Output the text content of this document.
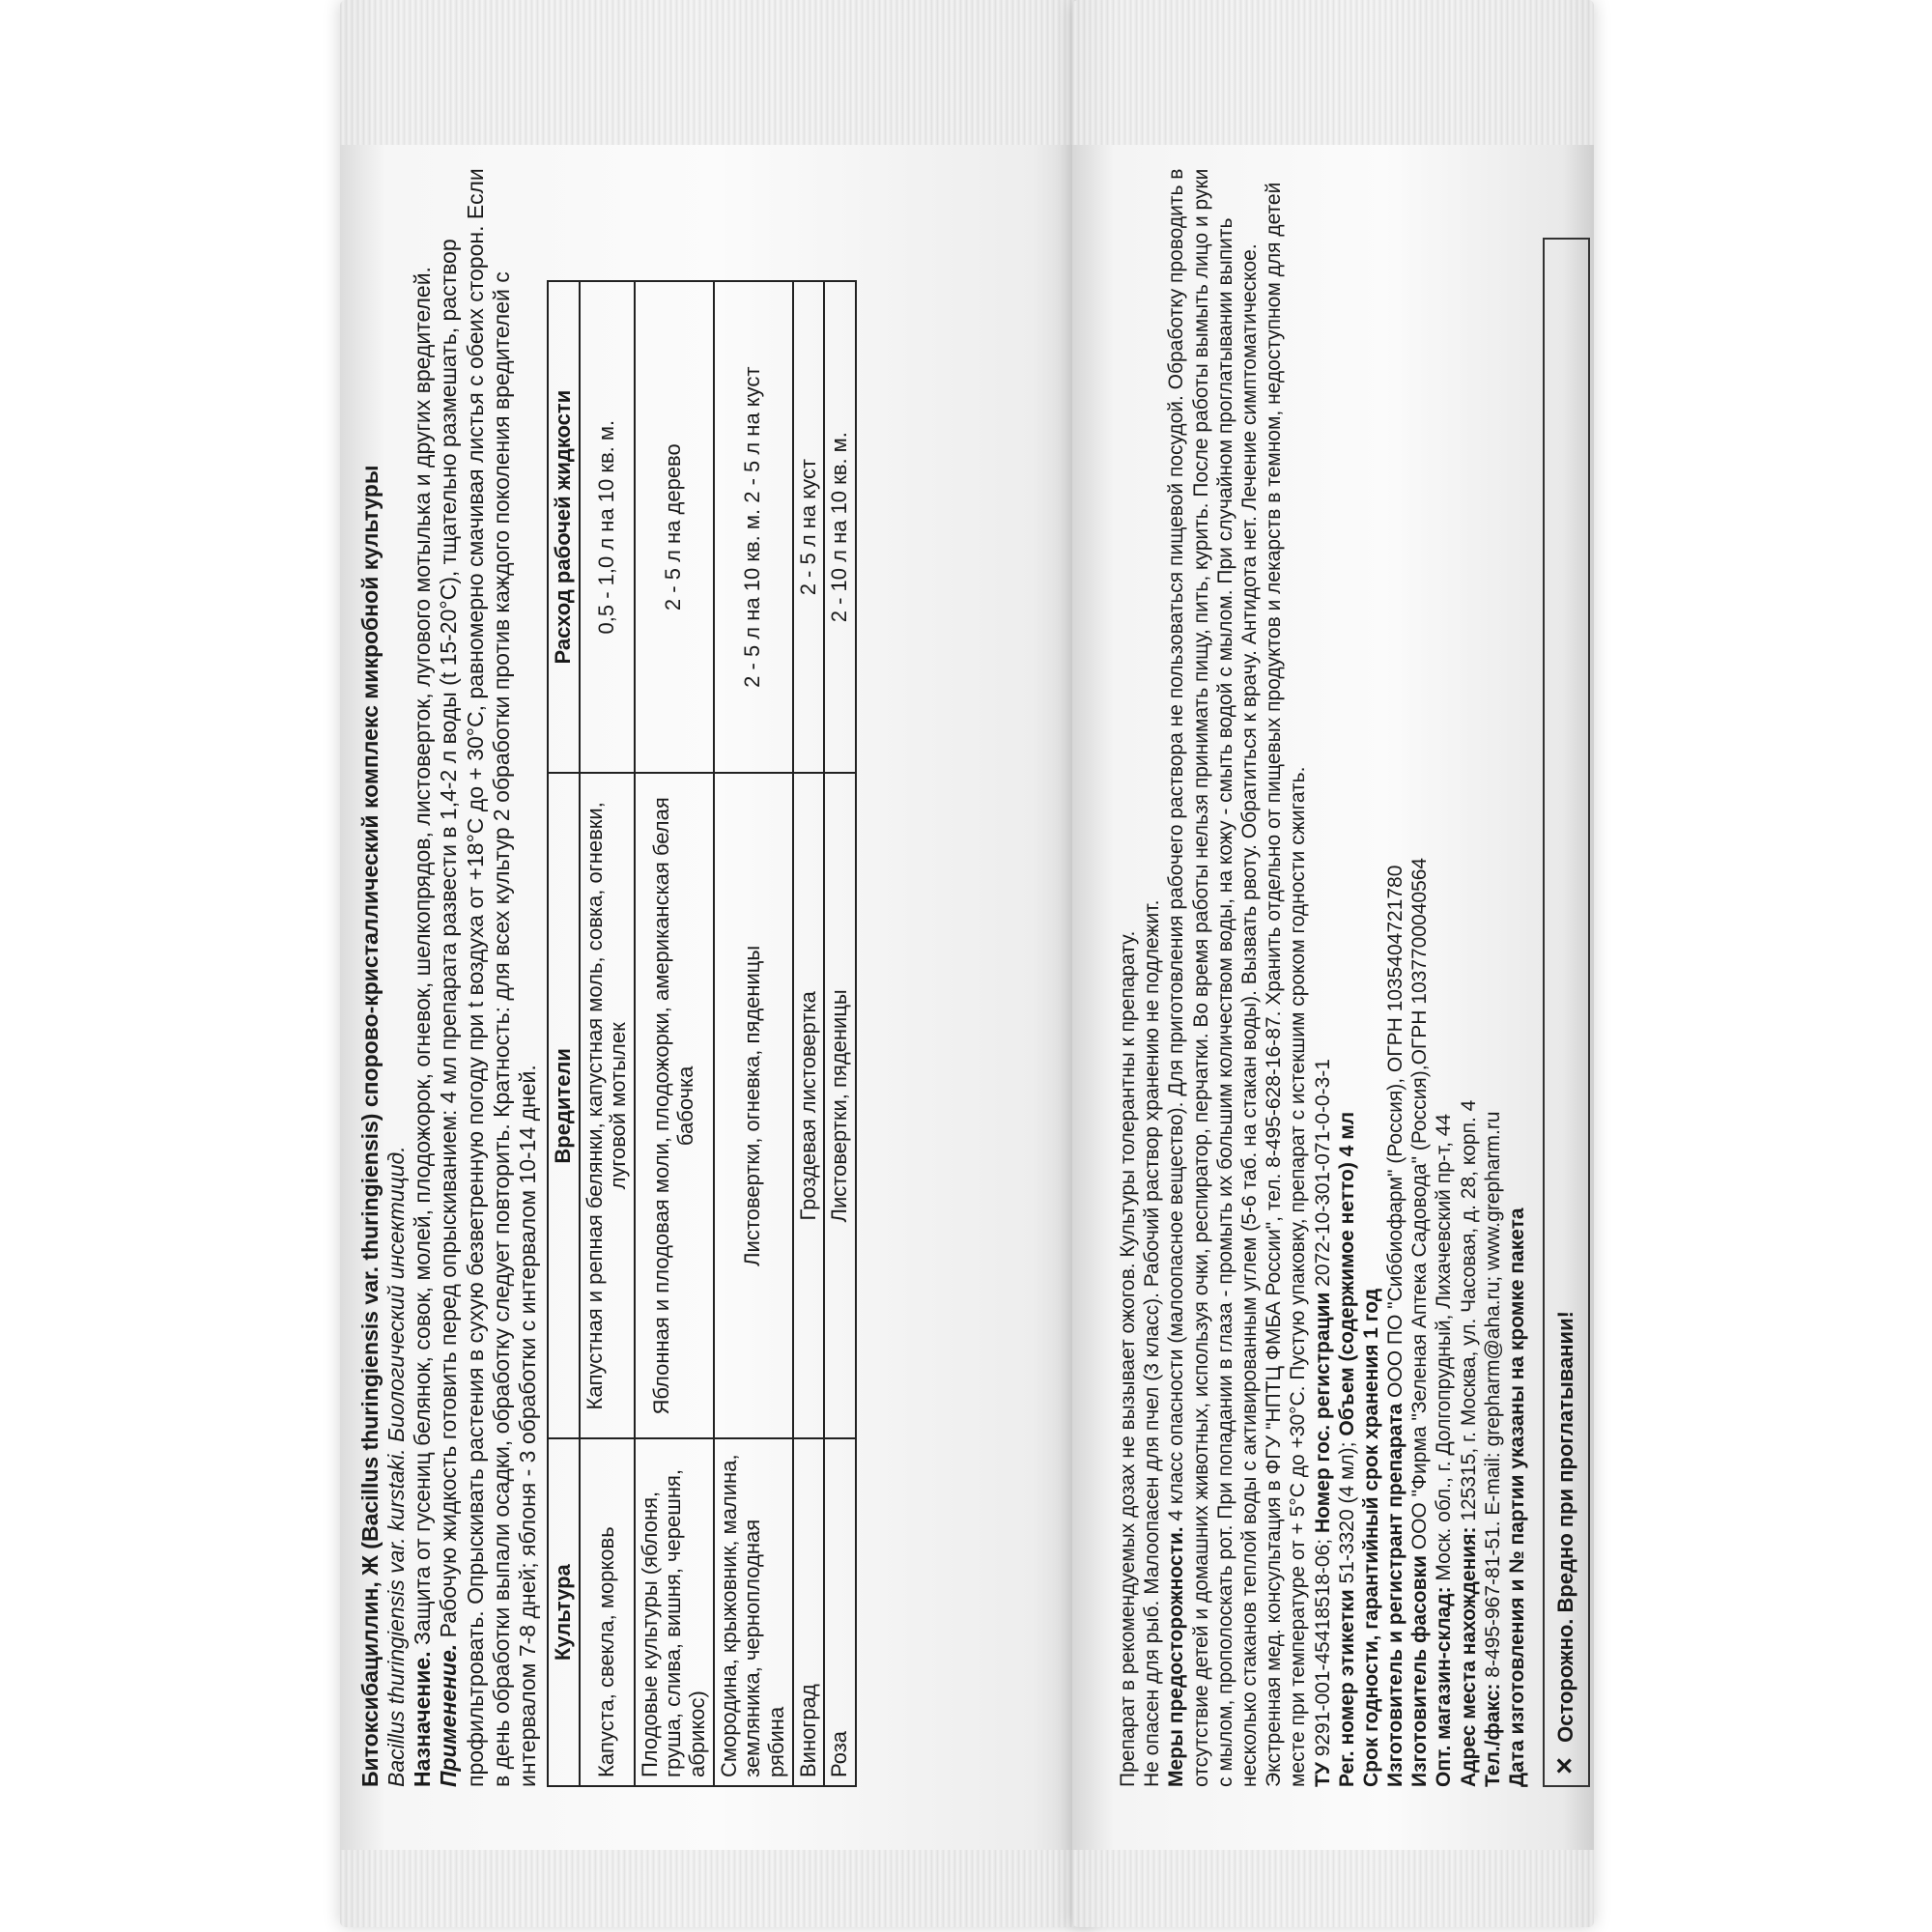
Битоксибациллин, Ж (Bacillus thuringiensis var. thuringiensis) спорово-кристаллический комплекс микробной культуры Bacillus thuringiensis var. kurstaki. Биологический инсектицид. Назначение. Защита от гусениц белянок, совок, молей, плодожорок, огневок, шелкопрядов, листоверток, лугового мотылька и других вредителей.

Применение. Рабочую жидкость готовить перед опрыскиванием: 4 мл препарата развести в 1,4-2 л воды (t 15-20°С), тщательно размешать, раствор профильтровать. Опрыскивать растения в сухую безветренную погоду при t воздуха от +18°С до + 30°С, равномерно смачивая листья с обеих сторон. Если в день обработки выпали осадки, обработку следует повторить. Кратность: для всех культур 2 обработки против каждого поколения вредителей с интервалом 7-8 дней; яблоня - 3 обработки с интервалом 10-14 дней. Культура	Вредители	Расход рабочей жидкости
Капуста, свекла, морковь	Капустная и репная белянки, капустная моль, совка, огневки, луговой мотылек	0,5 - 1,0 л на 10 кв. м.
Плодовые культуры (яблоня, груша, слива, вишня, черешня, абрикос)	Яблонная и плодовая моли, плодожорки, американская белая бабочка	2 - 5 л на дерево
Смородина, крыжовник, малина, земляника, черноплодная рябина	Листовертки, огневка, пяденицы	2 - 5 л на 10 кв. м. 2 - 5 л на куст
Виноград	Гроздевая листовертка	2 - 5 л на куст
Роза	Листовертки, пяденицы	2 - 10 л на 10 кв. м.

Препарат в рекомендуемых дозах не вызывает ожогов. Культуры толерантны к препарату. Не опасен для рыб. Малоопасен для пчел (3 класс). Рабочий раствор хранению не подлежит. Меры предосторожности. 4 класс опасности (малоопасное вещество). Для приготовления рабочего раствора не пользоваться пищевой посудой. Обработку проводить в отсутствие детей и домашних животных, используя очки, респиратор, перчатки. Во время работы нельзя принимать пищу, пить, курить. После работы вымыть лицо и руки с мылом, прополоскать рот. При попадании в глаза - промыть их большим количеством воды, на кожу - смыть водой с мылом. При случайном проглатывании выпить несколько стаканов теплой воды с активированным углем (5-6 таб. на стакан воды). Вызвать рвоту. Обратиться к врачу. Антидота нет. Лечение симптоматическое. Экстренная мед. консультация в ФГУ "НПТЦ ФМБА России", тел. 8-495-628-16-87. Хранить отдельно от пищевых продуктов и лекарств в темном, недоступном для детей месте при температуре от + 5°С до +30°С. Пустую упаковку, препарат с истекшим сроком годности сжигать. ТУ 9291-001-45418518-06; Номер гос. регистрации 2072-10-301-071-0-0-3-1

Рег. номер этикетки 51-3320 (4 мл); Объем (содержимое нетто) 4 мл

Срок годности, гарантийный срок хранения 1 год Изготовитель и регистрант препарата ООО ПО "Сиббиофарм" (Россия), ОГРН 1035404721780

Изготовитель фасовки ООО "Фирма "Зеленая Аптека Садовода" (Россия),ОГРН 1037700040564

Опт. магазин-склад: Моск. обл., г. Долгопрудный, Лихачевский пр-т, 44

Адрес места нахождения: 125315, г. Москва, ул. Часовая, д. 28, корп. 4

Тел./факс: 8-495-967-81-51. E-mail: grepharm@aha.ru; www.grepharm.ru Дата изготовления и № партии указаны на кромке пакета ✕
Осторожно. Вредно при проглатывании!
